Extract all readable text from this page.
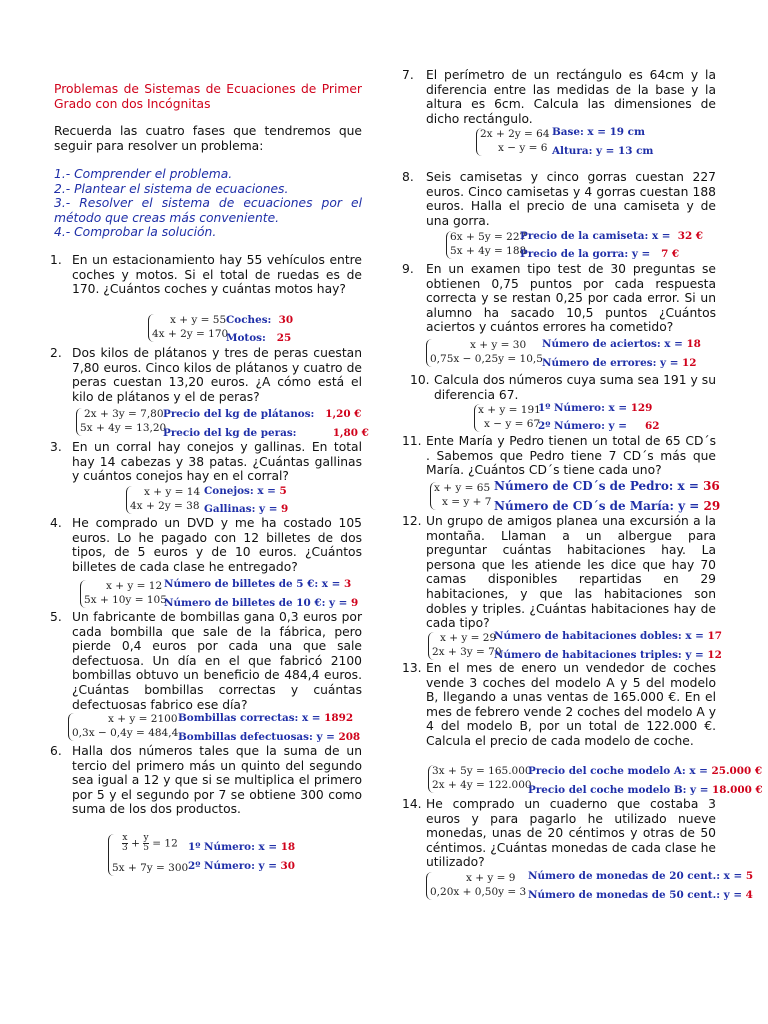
Problemas de Sistemas de Ecuaciones de Primer Grado con dos Incógnitas
Recuerda las cuatro fases que tendremos que seguir para resolver un problema:
1.- Comprender el problema.
2.- Plantear el sistema de ecuaciones.
3.- Resolver el sistema de ecuaciones por el método que creas más conveniente.
4.- Comprobar la solución.
1. En un estacionamiento hay 55 vehículos entre coches y motos. Si el total de ruedas es de 170. ¿Cuántos coches y cuántas motos hay?
x + y = 55
4x + 2y = 170
Coches: 30
Motos: 25
2. Dos kilos de plátanos y tres de peras cuestan 7,80 euros. Cinco kilos de plátanos y cuatro de peras cuestan 13,20 euros. ¿A cómo está el kilo de plátanos y el de peras?
2x + 3y = 7,80
5x + 4y = 13,20
Precio del kg de plátanos: 1,20 €
Precio del kg de peras:	1,80 €
3. En un corral hay conejos y gallinas. En total hay 14 cabezas y 38 patas. ¿Cuántas gallinas y cuántos conejos hay en el corral?
x + y = 14
4x + 2y = 38
Conejos: x = 5
Gallinas: y = 9
4. He comprado un DVD y me ha costado 105 euros. Lo he pagado con 12 billetes de dos tipos, de 5 euros y de 10 euros. ¿Cuántos billetes de cada clase he entregado?
x + y = 12
5x + 10y = 105
Número de billetes de 5 €: x = 3
Número de billetes de 10 €: y = 9
5. Un fabricante de bombillas gana 0,3 euros por cada bombilla que sale de la fábrica, pero pierde 0,4 euros por cada una que sale defectuosa. Un día en el que fabricó 2100 bombillas obtuvo un beneficio de 484,4 euros. ¿Cuántas bombillas correctas y cuántas defectuosas fabrico ese día?
x + y = 2100
0,3x − 0,4y = 484,4
Bombillas correctas: x = 1892
Bombillas defectuosas: y = 208
6. Halla dos números tales que la suma de un tercio del primero más un quinto del segundo sea igual a 12 y que si se multiplica el primero por 5 y el segundo por 7 se obtiene 300 como suma de los dos productos.
$\frac{x}{3} + \frac{y}{5} = 12$
5x + 7y = 300
1º Número: x = 18
2º Número: y = 30
7. El perímetro de un rectángulo es 64cm y la diferencia entre las medidas de la base y la altura es 6cm. Calcula las dimensiones de dicho rectángulo.
2x + 2y = 64
x − y = 6
Base: x = 19 cm
Altura: y = 13 cm
8. Seis camisetas y cinco gorras cuestan 227 euros. Cinco camisetas y 4 gorras cuestan 188 euros. Halla el precio de una camiseta y de una gorra.
6x + 5y = 227
5x + 4y = 188
Precio de la camiseta: x = 32 €
Precio de la gorra: y = 7 €
9. En un examen tipo test de 30 preguntas se obtienen 0,75 puntos por cada respuesta correcta y se restan 0,25 por cada error. Si un alumno ha sacado 10,5 puntos ¿Cuántos aciertos y cuántos errores ha cometido?
x + y = 30
0,75x − 0,25y = 10,5
Número de aciertos: x = 18
Número de errores: y = 12
10. Calcula dos números cuya suma sea 191 y su diferencia 67.
x + y = 191
x − y = 67
1º Número: x = 129
2º Número: y = 62
11. Ente María y Pedro tienen un total de 65 CD´s . Sabemos que Pedro tiene 7 CD´s más que María. ¿Cuántos CD´s tiene cada uno?
x + y = 65
x = y + 7
Número de CD´s de Pedro: x = 36
Número de CD´s de María: y = 29
12. Un grupo de amigos planea una excursión a la montaña. Llaman a un albergue para preguntar cuántas habitaciones hay. La persona que les atiende les dice que hay 70 camas disponibles repartidas en 29 habitaciones, y que las habitaciones son dobles y triples. ¿Cuántas habitaciones hay de cada tipo?
x + y = 29
2x + 3y = 70
Número de habitaciones dobles: x = 17
Número de habitaciones triples: y = 12
13. En el mes de enero un vendedor de coches vende 3 coches del modelo A y 5 del modelo B, llegando a unas ventas de 165.000 €. En el mes de febrero vende 2 coches del modelo A y 4 del modelo B, por un total de 122.000 €. Calcula el precio de cada modelo de coche.
3x + 5y = 165.000
2x + 4y = 122.000
Precio del coche modelo A: x = 25.000 €
Precio del coche modelo B: y = 18.000 €
14. He comprado un cuaderno que costaba 3 euros y para pagarlo he utilizado nueve monedas, unas de 20 céntimos y otras de 50 céntimos. ¿Cuántas monedas de cada clase he utilizado?
x + y = 9
0,20x + 0,50y = 3
Número de monedas de 20 cent.: x = 5
Número de monedas de 50 cent.: y = 4
